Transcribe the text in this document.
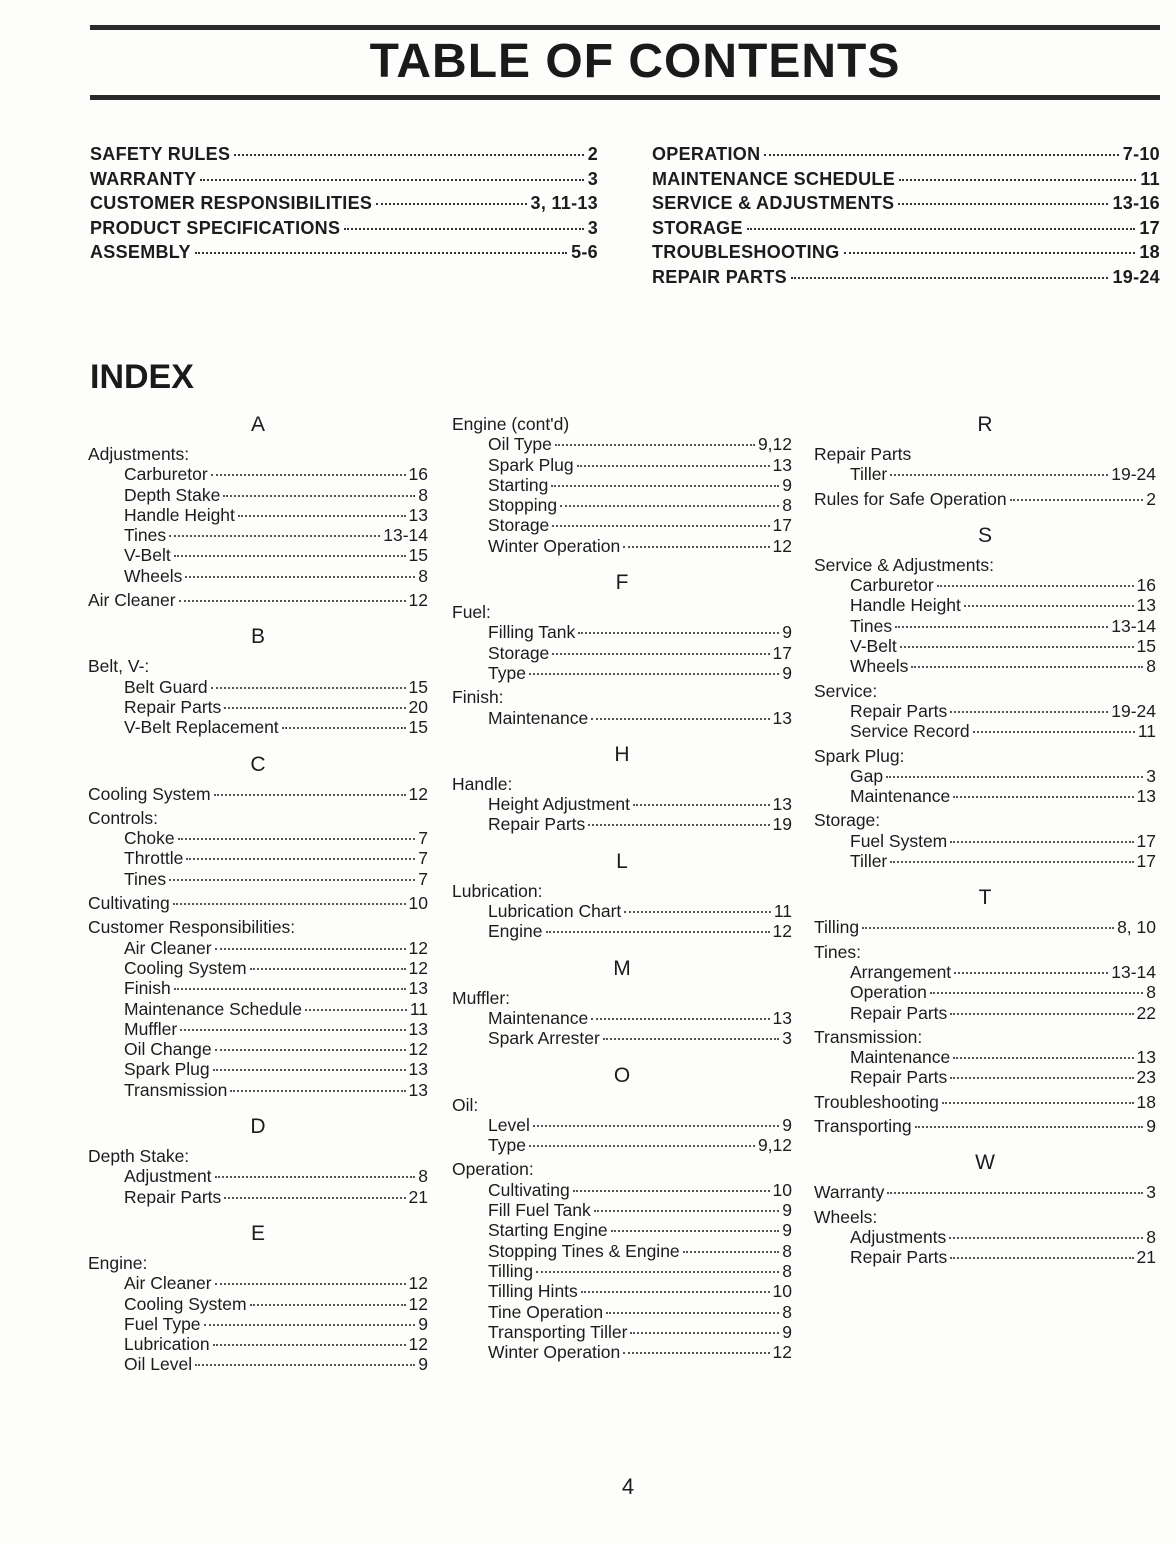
TABLE OF CONTENTS
SAFETY RULES	2
WARRANTY	3
CUSTOMER RESPONSIBILITIES	3, 11-13
PRODUCT SPECIFICATIONS	3
ASSEMBLY	5-6
OPERATION	7-10
MAINTENANCE SCHEDULE	11
SERVICE & ADJUSTMENTS	13-16
STORAGE	17
TROUBLESHOOTING	18
REPAIR PARTS	19-24
INDEX
A
Adjustments:
Carburetor	16
Depth Stake	8
Handle Height	13
Tines	13-14
V-Belt	15
Wheels	8
Air Cleaner	12
B
Belt, V-:
Belt Guard	15
Repair Parts	20
V-Belt Replacement	15
C
Cooling System	12
Controls:
Choke	7
Throttle	7
Tines	7
Cultivating	10
Customer Responsibilities:
Air Cleaner	12
Cooling System	12
Finish	13
Maintenance Schedule	11
Muffler	13
Oil Change	12
Spark Plug	13
Transmission	13
D
Depth Stake:
Adjustment	8
Repair Parts	21
E
Engine:
Air Cleaner	12
Cooling System	12
Fuel Type	9
Lubrication	12
Oil Level	9
Engine (cont'd)
Oil Type	9,12
Spark Plug	13
Starting	9
Stopping	8
Storage	17
Winter Operation	12
F
Fuel:
Filling Tank	9
Storage	17
Type	9
Finish:
Maintenance	13
H
Handle:
Height Adjustment	13
Repair Parts	19
L
Lubrication:
Lubrication Chart	11
Engine	12
M
Muffler:
Maintenance	13
Spark Arrester	3
O
Oil:
Level	9
Type	9,12
Operation:
Cultivating	10
Fill Fuel Tank	9
Starting Engine	9
Stopping Tines & Engine	8
Tilling	8
Tilling Hints	10
Tine Operation	8
Transporting Tiller	9
Winter Operation	12
R
Repair Parts
Tiller	19-24
Rules for Safe Operation	2
S
Service & Adjustments:
Carburetor	16
Handle Height	13
Tines	13-14
V-Belt	15
Wheels	8
Service:
Repair Parts	19-24
Service Record	11
Spark Plug:
Gap	3
Maintenance	13
Storage:
Fuel System	17
Tiller	17
T
Tilling	8, 10
Tines:
Arrangement	13-14
Operation	8
Repair Parts	22
Transmission:
Maintenance	13
Repair Parts	23
Troubleshooting	18
Transporting	9
W
Warranty	3
Wheels:
Adjustments	8
Repair Parts	21
4
